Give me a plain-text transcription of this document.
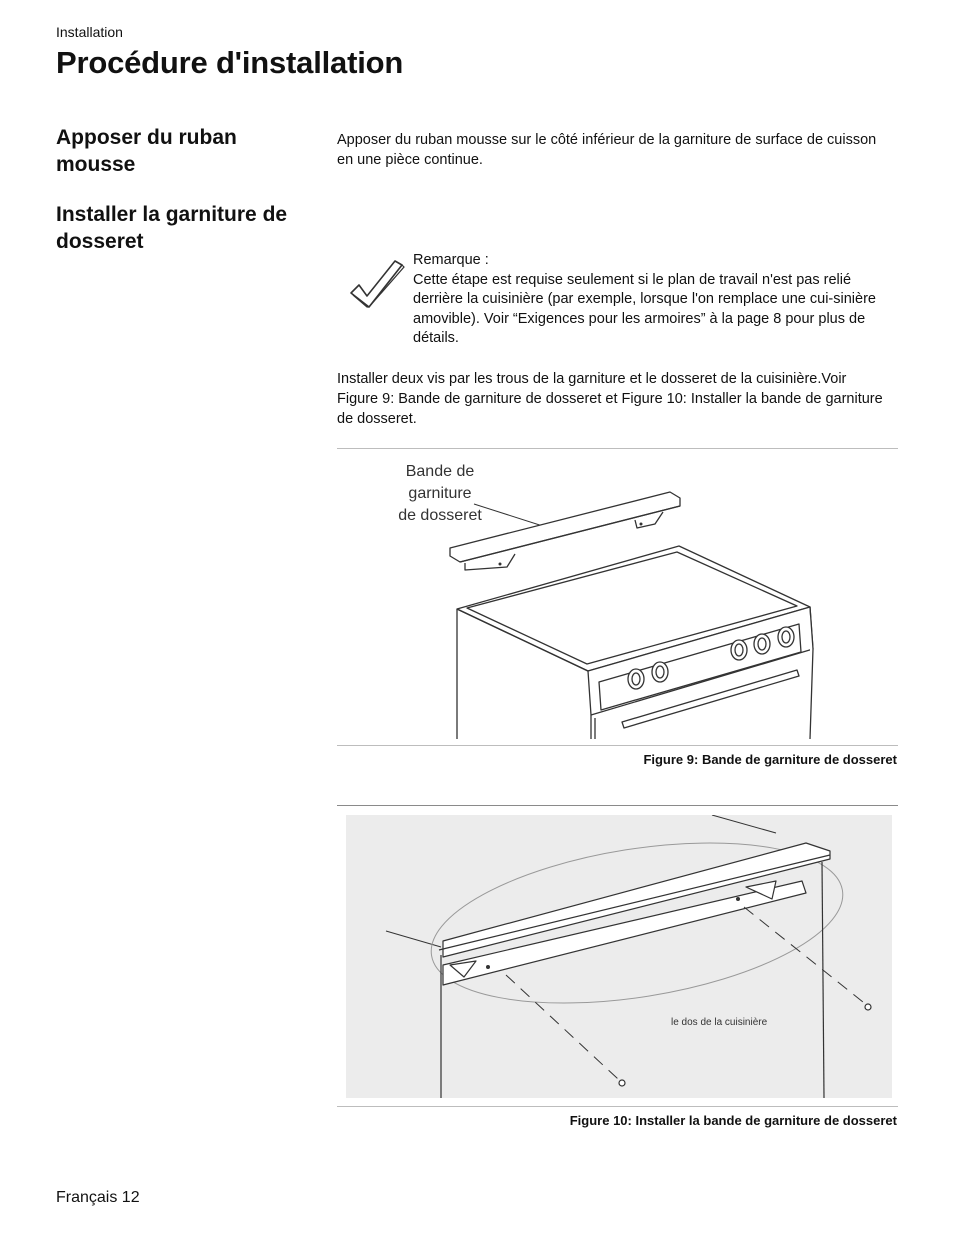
Installation
Procédure d'installation
Apposer du ruban mousse
Installer la garniture de dosseret
Apposer du ruban mousse sur le côté inférieur de la garniture de surface de cuisson en une pièce continue.

Remarque :

Cette étape est requise seulement si le plan de travail n'est pas relié derrière la cuisinière (par exemple, lorsque l'on remplace une cui-sinière amovible). Voir “Exigences pour les armoires” à la page 8 pour plus de détails.

Installer deux vis par les trous de la garniture et le dosseret de la cuisinière.Voir Figure 9: Bande de garniture de dosseret et Figure 10: Installer la bande de garniture de dosseret.
Bande de
garniture
de dosseret
Figure 9: Bande de garniture de dosseret
le dos de la cuisinière
Figure 10: Installer la bande de garniture de dosseret
Français 12
